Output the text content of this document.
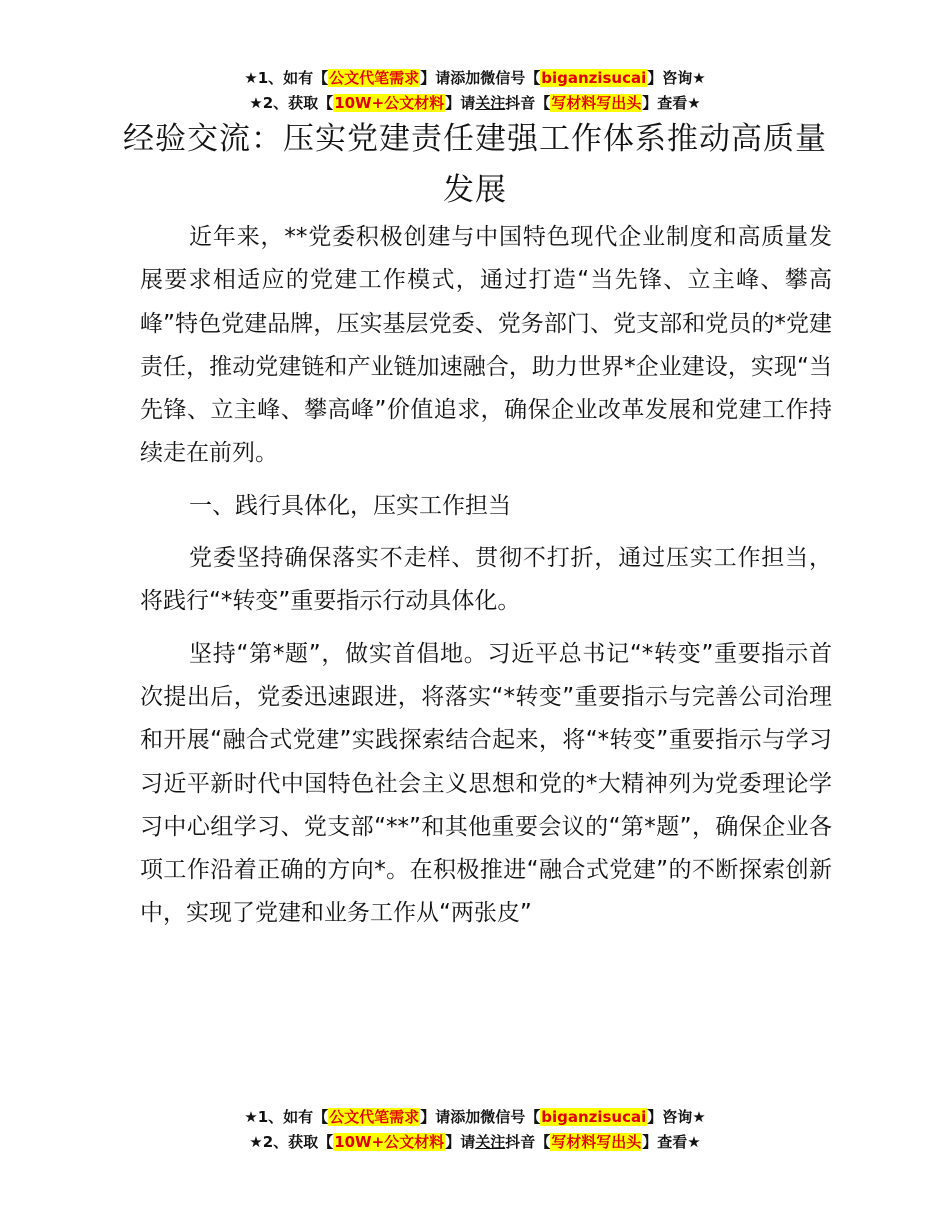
★1、如有【公文代笔需求】请添加微信号【biganzisucai】咨询★
★2、获取【10W+公文材料】请关注抖音【写材料写出头】查看★
经验交流：压实党建责任建强工作体系推动高质量发展

近年来，**党委积极创建与中国特色现代企业制度和高质量发展要求相适应的党建工作模式，通过打造“当先锋、立主峰、攀高峰”特色党建品牌，压实基层党委、党务部门、党支部和党员的*党建责任，推动党建链和产业链加速融合，助力世界*企业建设，实现“当先锋、立主峰、攀高峰”价值追求，确保企业改革发展和党建工作持续走在前列。

一、践行具体化，压实工作担当

党委坚持确保落实不走样、贯彻不打折，通过压实工作担当，将践行“*转变”重要指示行动具体化。

坚持“第*题”，做实首倡地。习近平总书记“*转变”重要指示首次提出后，党委迅速跟进，将落实“*转变”重要指示与完善公司治理和开展“融合式党建”实践探索结合起来，将“*转变”重要指示与学习习近平新时代中国特色社会主义思想和党的*大精神列为党委理论学习中心组学习、党支部“**”和其他重要会议的“第*题”，确保企业各项工作沿着正确的方向*。在积极推进“融合式党建”的不断探索创新中，实现了党建和业务工作从“两张皮”

★1、如有【公文代笔需求】请添加微信号【biganzisucai】咨询★
★2、获取【10W+公文材料】请关注抖音【写材料写出头】查看★
